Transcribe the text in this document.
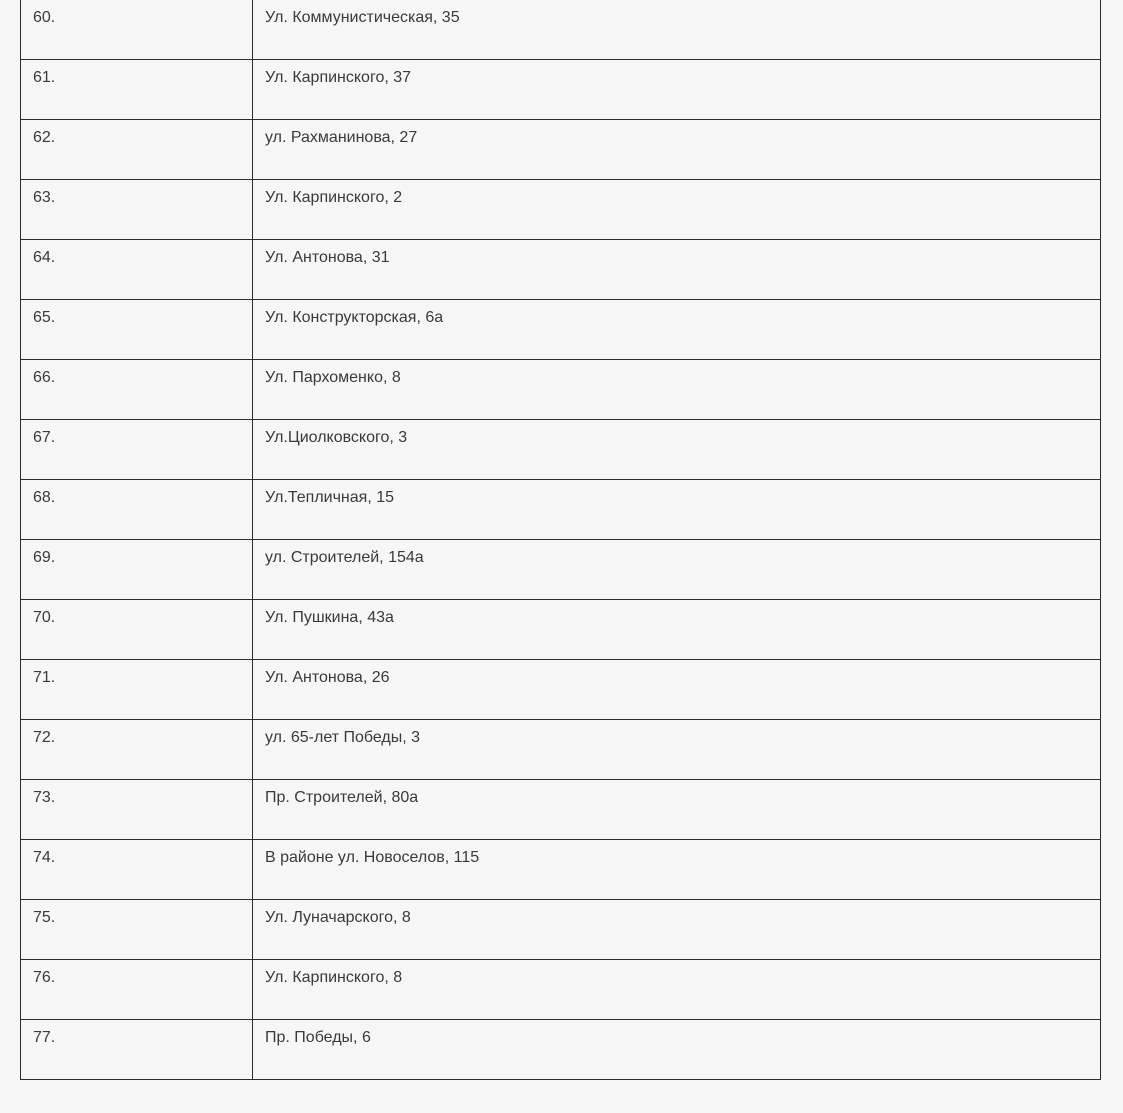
60.	Ул. Коммунистическая, 35

61.	Ул. Карпинского, 37

62.	ул. Рахманинова, 27

63.	Ул. Карпинского, 2

64.	Ул. Антонова, 31

65.	Ул. Конструкторская, 6а

66.	Ул. Пархоменко, 8

67.	Ул.Циолковского, 3

68.	Ул.Тепличная, 15

69.	ул. Строителей, 154а

70.	Ул. Пушкина, 43а

71.	Ул. Антонова, 26

72.	ул. 65-лет Победы, 3

73.	Пр. Строителей, 80а

74.	В районе ул. Новоселов, 115

75.	Ул. Луначарского, 8

76.	Ул. Карпинского, 8

77.	Пр. Победы, 6
